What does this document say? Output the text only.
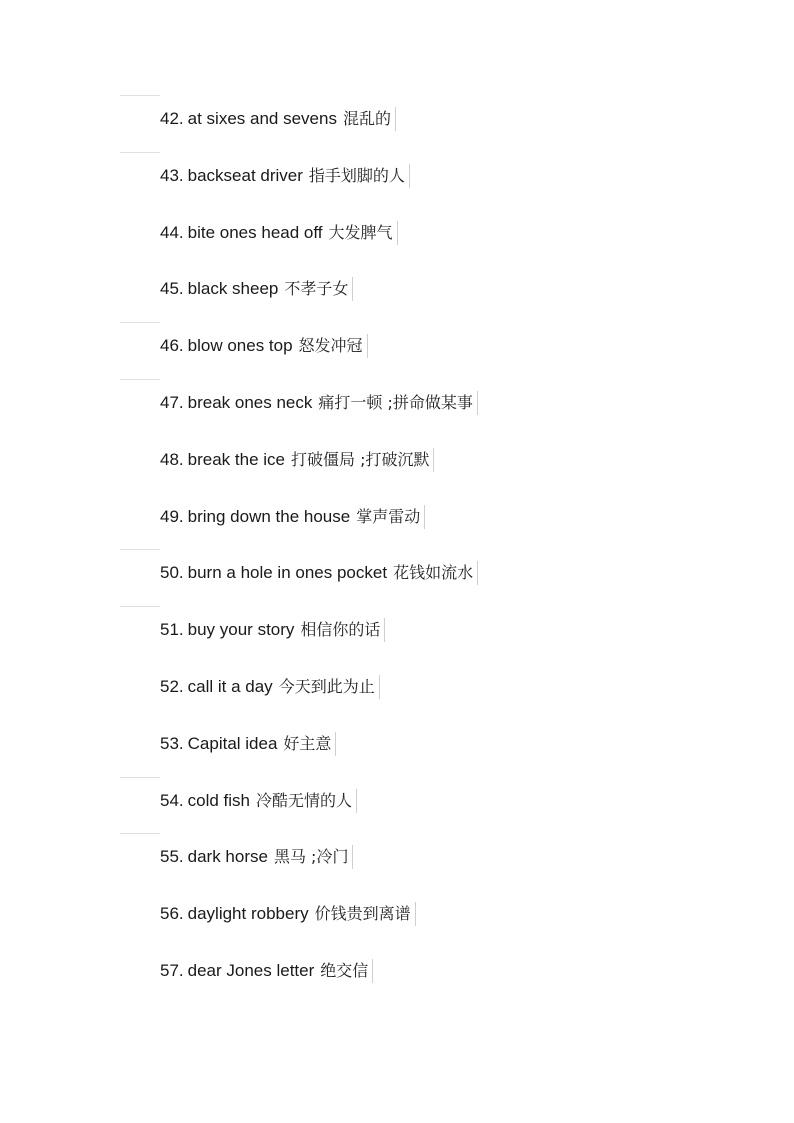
42. at sixes and sevens 混乱的
43. backseat driver 指手划脚的人
44. bite ones head off 大发脾气
45. black sheep 不孝子女
46. blow ones top 怒发冲冠
47. break ones neck 痛打一顿 ;拼命做某事
48. break the ice 打破僵局 ;打破沉默
49. bring down the house 掌声雷动
50. burn a hole in ones pocket 花钱如流水
51. buy your story 相信你的话
52. call it a day 今天到此为止
53. Capital idea 好主意
54. cold fish 冷酷无情的人
55. dark horse 黑马 ;冷门
56. daylight robbery 价钱贵到离谱
57. dear Jones letter 绝交信
